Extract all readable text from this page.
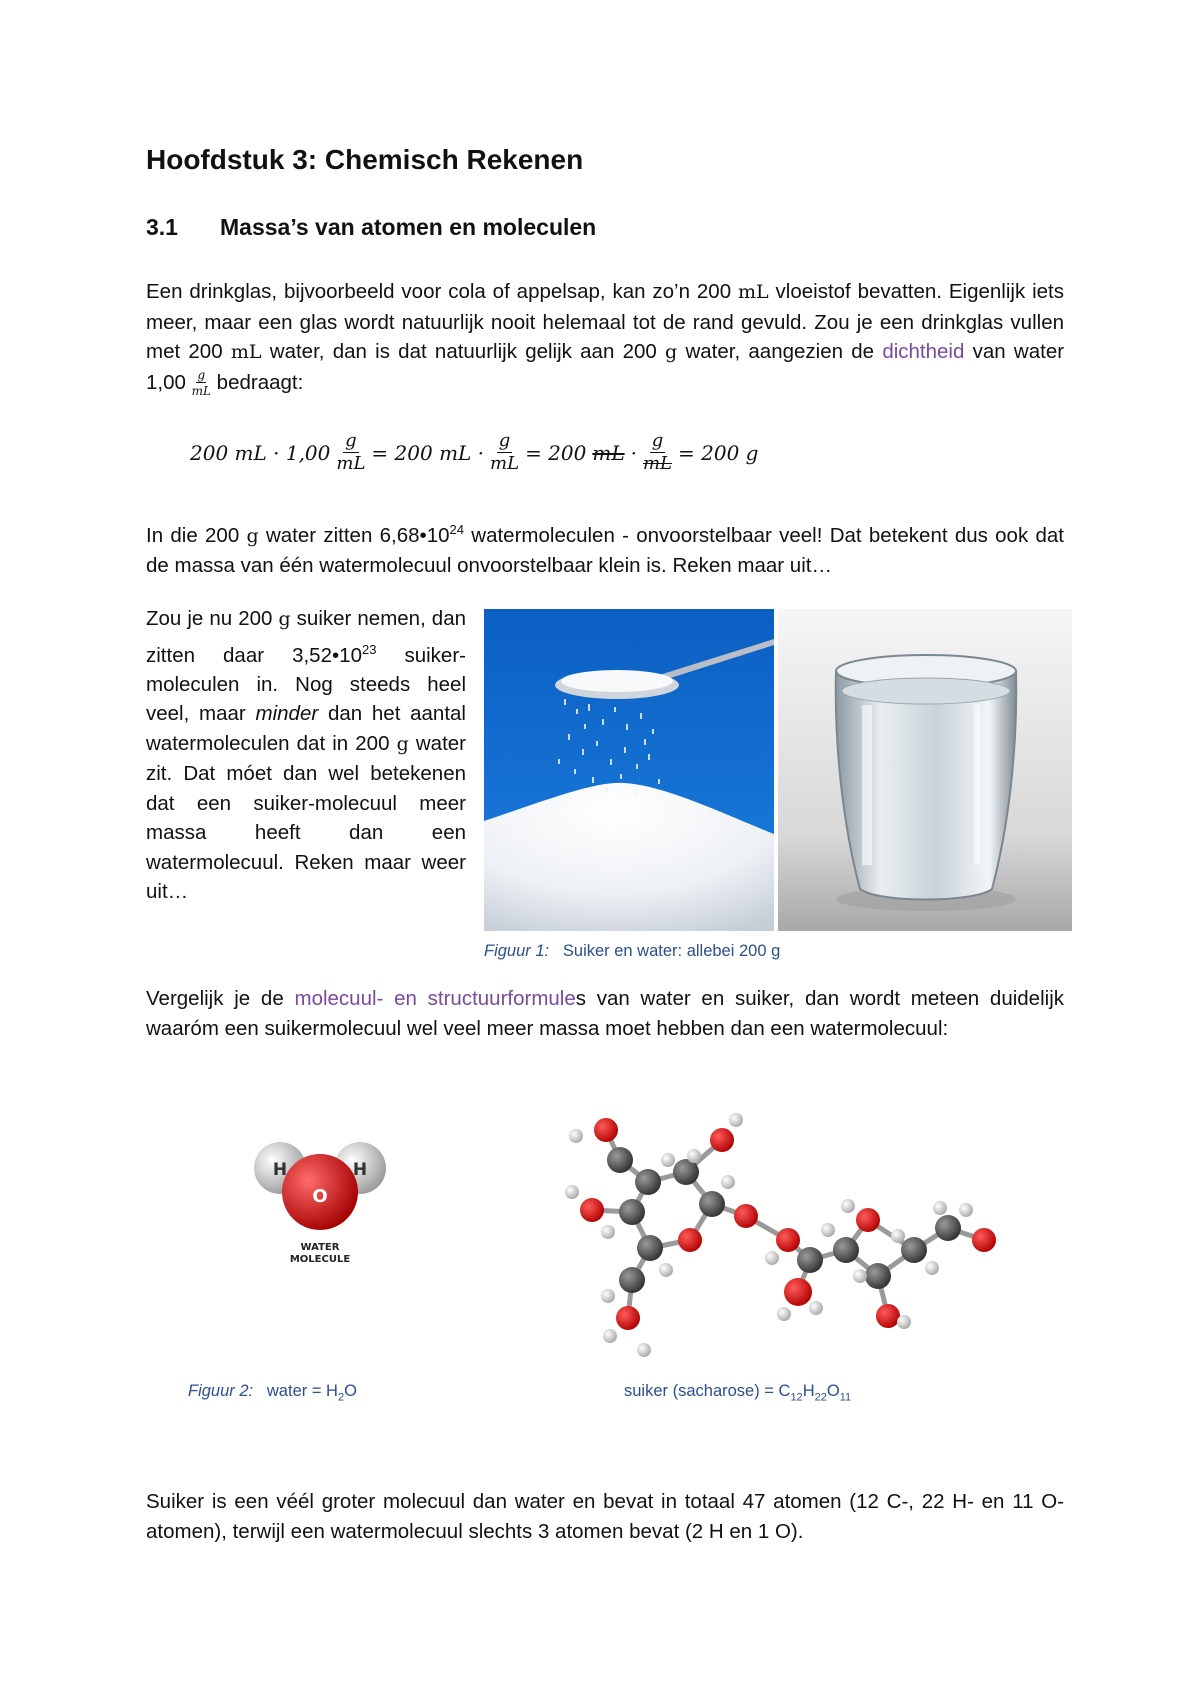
Hoofdstuk 3: Chemisch Rekenen
3.1 Massa’s van atomen en moleculen

Een drinkglas, bijvoorbeeld voor cola of appelsap, kan zo’n 200 mL vloeistof bevatten. Eigenlijk iets meer, maar een glas wordt natuurlijk nooit helemaal tot de rand gevuld. Zou je een drinkglas vullen met 200 mL water, dan is dat natuurlijk gelijk aan 200 g water, aangezien de dichtheid van water $1,00 \frac{g}{mL}$ bedraagt:

200 mL · $1,00 \frac{g}{mL} = 200$ mL · $\frac{g}{mL} = 200$ mL · $\frac{g}{mL} = 200$ g

In die 200 g water zitten $6,68•10^{24}$ watermoleculen - onvoorstelbaar veel! Dat betekent dus ook dat de massa van één watermolecuul onvoorstelbaar klein is. Reken maar uit…

Zou je nu 200 g suiker nemen, dan zitten daar $3,52•10^{23}$ suiker-moleculen in. Nog steeds heel veel, maar minder dan het aantal watermoleculen dat in 200 g water zit. Dat móet dan wel betekenen dat een suiker-molecuul meer massa heeft dan een watermolecuul. Reken maar weer uit…

Figuur 1: Suiker en water: allebei 200 g

Vergelijk je de molecuul- en structuurformules van water en suiker, dan wordt meteen duidelijk waaróm een suikermolecuul wel veel meer massa moet hebben dan een watermolecuul:

H	H
O
WATER
MOLECULE
Figuur 2: water = $H_2O$	suiker (sacharose) = $C_{12}H_{22}O_{11}$

Suiker is een véél groter molecuul dan water en bevat in totaal 47 atomen (12 C-, 22 H- en 11 O-atomen), terwijl een watermolecuul slechts 3 atomen bevat (2 H en 1 O).
